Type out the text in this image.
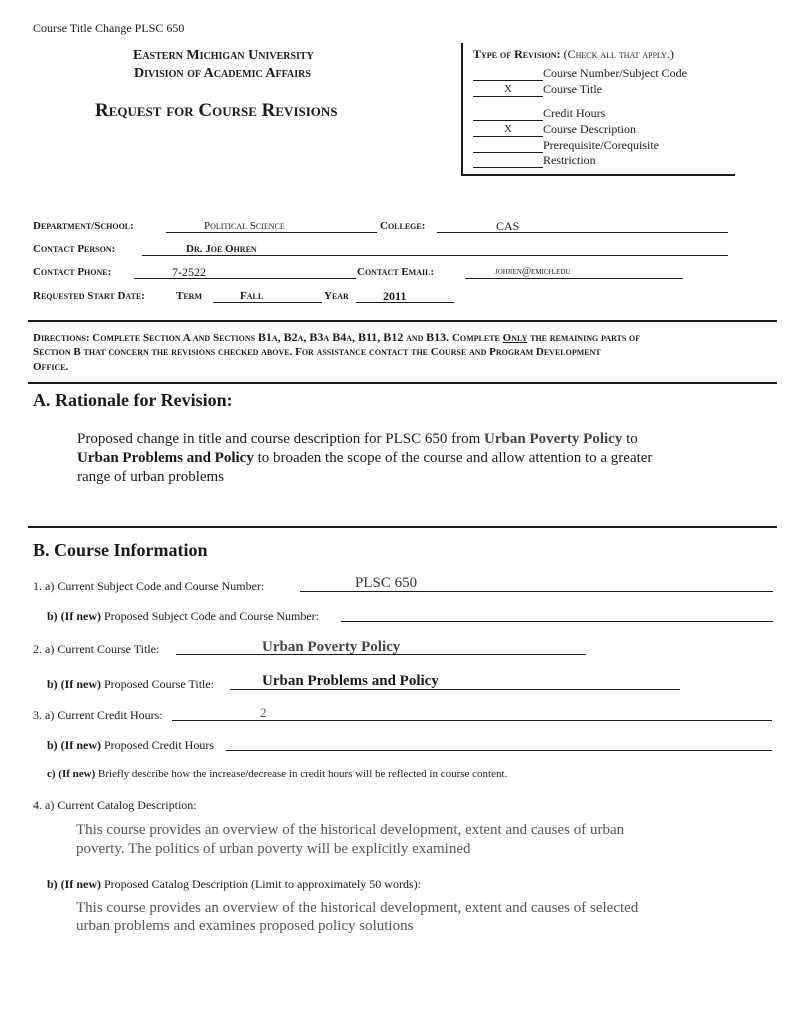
Course Title Change PLSC 650
Eastern Michigan University
Division of Academic Affairs
Request for Course Revisions
Type of Revision: (Check all that apply.)
Course Number/Subject Code
X	Course Title
Credit Hours
X	Course Description
Prerequisite/Corequisite
Restriction
Department/School:	Political Science	College:	CAS
Contact Person:	Dr. Joe Ohren
Contact Phone:	7-2522	Contact Email:	johren@emich.edu
Requested Start Date:	Term	Fall	Year	2011
Directions: Complete Section A and Sections B1a, B2a, B3a B4a, B11, B12 and B13. Complete Only the remaining parts of
Section B that concern the revisions checked above. For assistance contact the Course and Program Development
Office.
A. Rationale for Revision:
Proposed change in title and course description for PLSC 650 from Urban Poverty Policy to
Urban Problems and Policy to broaden the scope of the course and allow attention to a greater
range of urban problems
B. Course Information
1. a) Current Subject Code and Course Number:	PLSC 650
b) (If new) Proposed Subject Code and Course Number:
2. a) Current Course Title:	Urban Poverty Policy
b) (If new) Proposed Course Title:	Urban Problems and Policy
3. a) Current Credit Hours:	2
b) (If new) Proposed Credit Hours
c) (If new) Briefly describe how the increase/decrease in credit hours will be reflected in course content.
4. a) Current Catalog Description:
This course provides an overview of the historical development, extent and causes of urban
poverty. The politics of urban poverty will be explicitly examined
b) (If new) Proposed Catalog Description (Limit to approximately 50 words):
This course provides an overview of the historical development, extent and causes of selected
urban problems and examines proposed policy solutions
